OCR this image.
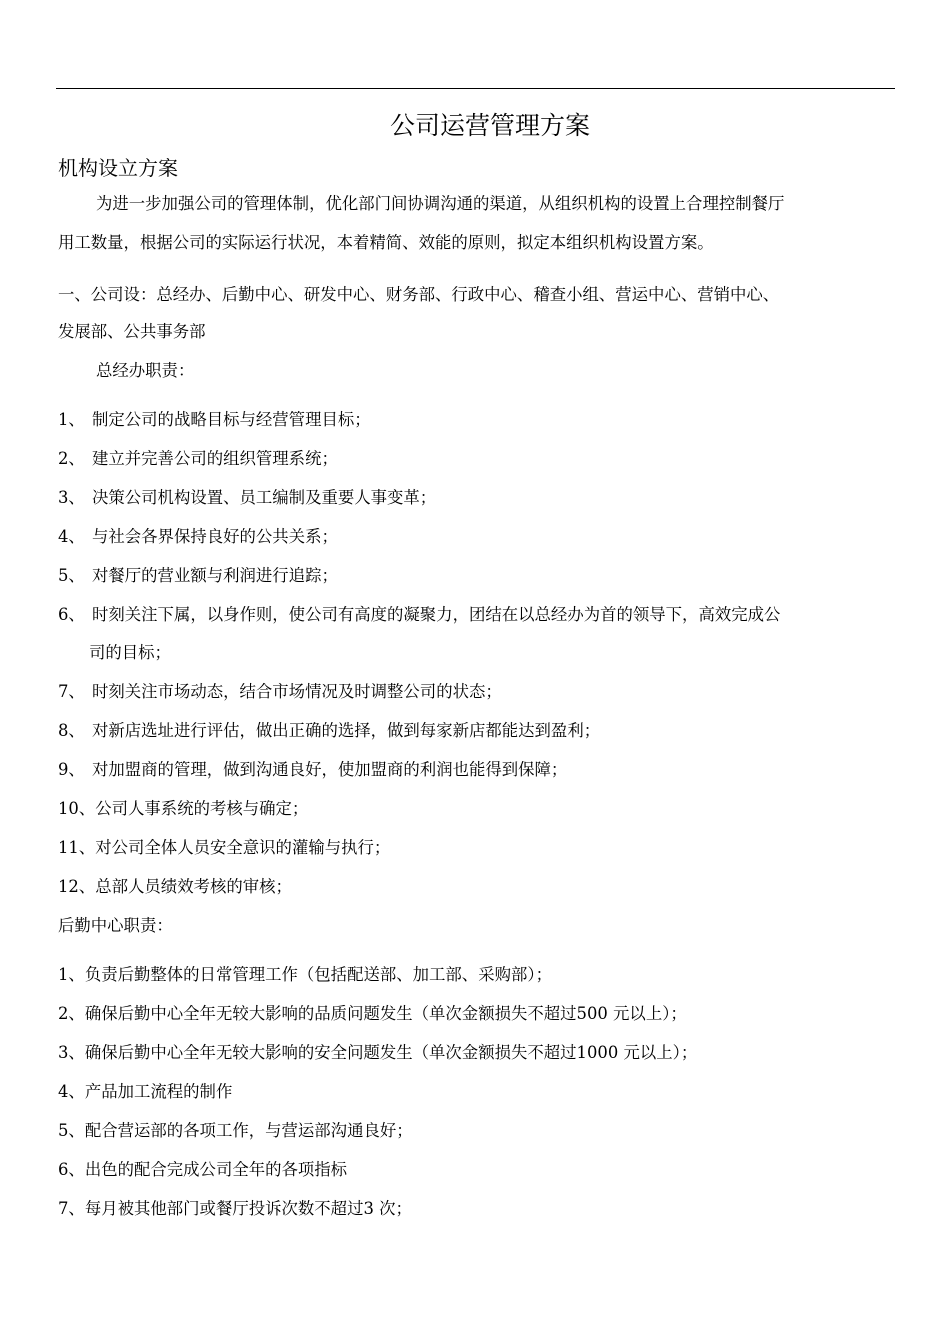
公司运营管理方案
机构设立方案
为进一步加强公司的管理体制，优化部门间协调沟通的渠道，从组织机构的设置上合理控制餐厅
用工数量，根据公司的实际运行状况，本着精简、效能的原则，拟定本组织机构设置方案。
一、公司设：总经办、后勤中心、研发中心、财务部、行政中心、稽查小组、营运中心、营销中心、
发展部、公共事务部
总经办职责：
1、 制定公司的战略目标与经营管理目标；
2、 建立并完善公司的组织管理系统；
3、 决策公司机构设置、员工编制及重要人事变革；
4、 与社会各界保持良好的公共关系；
5、 对餐厅的营业额与利润进行追踪；
6、 时刻关注下属，以身作则，使公司有高度的凝聚力，团结在以总经办为首的领导下，高效完成公
司的目标；
7、 时刻关注市场动态，结合市场情况及时调整公司的状态；
8、 对新店选址进行评估，做出正确的选择，做到每家新店都能达到盈利；
9、 对加盟商的管理，做到沟通良好，使加盟商的利润也能得到保障；
10、公司人事系统的考核与确定；
11、对公司全体人员安全意识的灌输与执行；
12、总部人员绩效考核的审核；
后勤中心职责：
1、负责后勤整体的日常管理工作（包括配送部、加工部、采购部）；
2、确保后勤中心全年无较大影响的品质问题发生（单次金额损失不超过500 元以上）；
3、确保后勤中心全年无较大影响的安全问题发生（单次金额损失不超过1000 元以上）；
4、产品加工流程的制作
5、配合营运部的各项工作，与营运部沟通良好；
6、出色的配合完成公司全年的各项指标
7、每月被其他部门或餐厅投诉次数不超过3 次；
